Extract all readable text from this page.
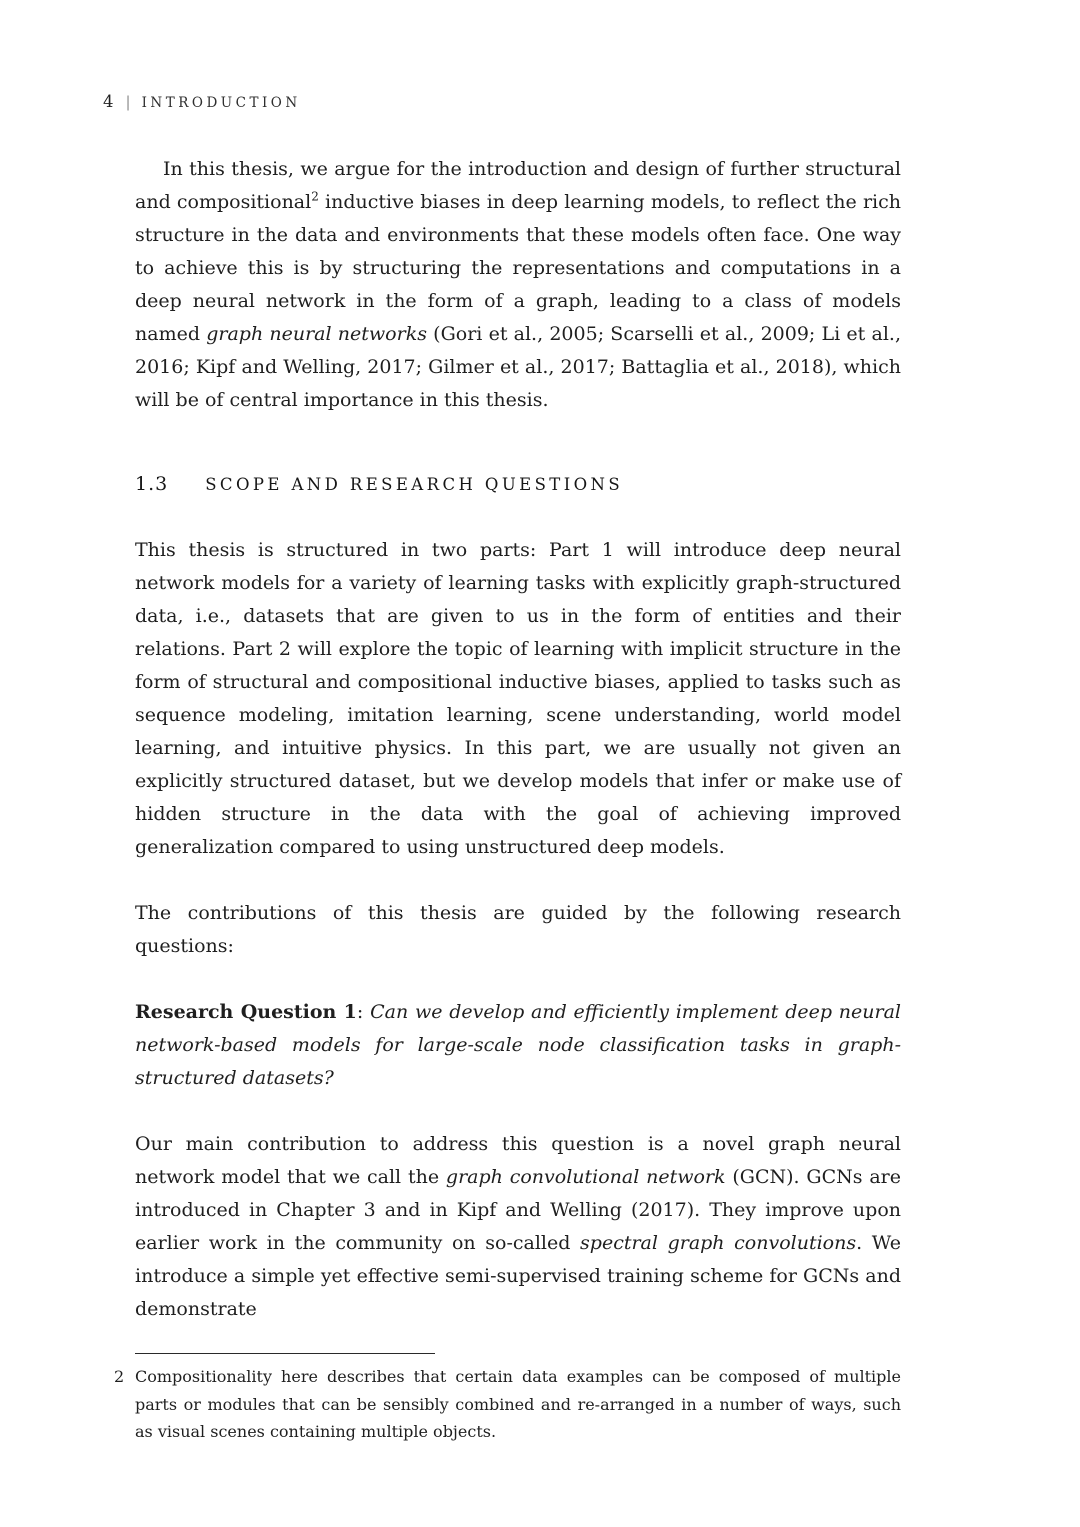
4 | INTRODUCTION

In this thesis, we argue for the introduction and design of further structural and compositional$^2$ inductive biases in deep learning models, to reflect the rich structure in the data and environments that these models often face. One way to achieve this is by structuring the representations and computations in a deep neural network in the form of a graph, leading to a class of models named graph neural networks (Gori et al., 2005; Scarselli et al., 2009; Li et al., 2016; Kipf and Welling, 2017; Gilmer et al., 2017; Battaglia et al., 2018), which will be of central importance in this thesis.

1.3 SCOPE AND RESEARCH QUESTIONS

This thesis is structured in two parts: Part 1 will introduce deep neural network models for a variety of learning tasks with explicitly graph-structured data, i.e., datasets that are given to us in the form of entities and their relations. Part 2 will explore the topic of learning with implicit structure in the form of structural and compositional inductive biases, applied to tasks such as sequence modeling, imitation learning, scene understanding, world model learning, and intuitive physics. In this part, we are usually not given an explicitly structured dataset, but we develop models that infer or make use of hidden structure in the data with the goal of achieving improved generalization compared to using unstructured deep models.

The contributions of this thesis are guided by the following research questions:

Research Question 1: Can we develop and efficiently implement deep neural network-based models for large-scale node classification tasks in graph-structured datasets?

Our main contribution to address this question is a novel graph neural network model that we call the graph convolutional network (GCN). GCNs are introduced in Chapter 3 and in Kipf and Welling (2017). They improve upon earlier work in the community on so-called spectral graph convolutions. We introduce a simple yet effective semi-supervised training scheme for GCNs and demonstrate

2 Compositionality here describes that certain data examples can be composed of multiple parts or modules that can be sensibly combined and re-arranged in a number of ways, such as visual scenes containing multiple objects.
